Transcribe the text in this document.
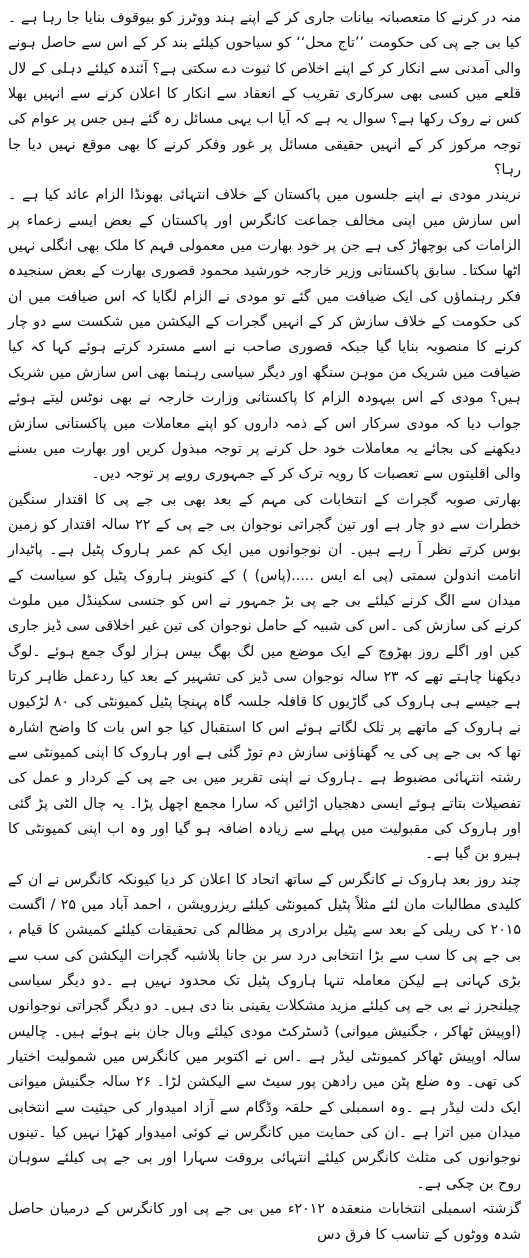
منہ در کرنے کا متعصبانہ بیانات جاری کر کے اپنے ہند ووٹرز کو بیوقوف بنایا جا رہا ہے ۔کیا بی جے پی کی حکومت ’’تاج محل‘‘ کو سیاحوں کیلئے بند کر کے اس سے حاصل ہونے والی آمدنی سے انکار کر کے اپنے اخلاص کا ثبوت دے سکتی ہے؟ آئندہ کیلئے دہلی کے لال قلعے میں کسی بھی سرکاری تقریب کے انعقاد سے انکار کا اعلان کرنے سے انہیں بھلا کس نے روک رکھا ہے؟ سوال یہ ہے کہ آیا اب یہی مسائل رہ گئے ہیں جس پر عوام کی توجہ مرکوز کر کے انہیں حقیقی مسائل پر غور وفکر کرنے کا بھی موقع نہیں دیا جا رہا؟

نریندر مودی نے اپنے جلسوں میں پاکستان کے خلاف انتہائی بھونڈا الزام عائد کیا ہے ۔اس سازش میں اپنی مخالف جماعت کانگرس اور پاکستان کے بعض ایسے زعماء پر الزامات کی بوچھاڑ کی ہے جن پر خود بھارت میں معمولی فہم کا ملک بھی انگلی نہیں اٹھا سکتا۔ سابق پاکستانی وزیر خارجہ خورشید محمود قصوری بھارت کے بعض سنجیدہ فکر رہنماؤں کی ایک ضیافت میں گئے تو مودی نے الزام لگایا کہ اس ضیافت میں ان کی حکومت کے خلاف سازش کر کے انہیں گجرات کے الیکشن میں شکست سے دو چار کرنے کا منصوبہ بنایا گیا جبکہ قصوری صاحب نے اسے مسترد کرتے ہوئے کہا کہ کیا ضیافت میں شریک من موہن سنگھ اور دیگر سیاسی رہنما بھی اس سازش میں شریک ہیں؟ مودی کے اس بیہودہ الزام کا پاکستانی وزارت خارجہ نے بھی نوٹس لیتے ہوئے جواب دیا کہ مودی سرکار اس کے ذمہ داروں کو اپنے معاملات میں پاکستانی سازش دیکھنے کی بجائے یہ معاملات خود حل کرنے پر توجہ مبذول کریں اور بھارت میں بسنے والی اقلیتوں سے تعصبات کا رویہ ترک کر کے جمہوری رویے پر توجہ دیں۔

بھارتی صوبہ گجرات کے انتخابات کی مہم کے بعد بھی بی جے پی کا اقتدار سنگین خطرات سے دو چار ہے اور تین گجراتی نوجوان بی جے پی کے ۲۲ سالہ اقتدار کو زمین بوس کرتے نظر آ رہے ہیں۔ ان نوجوانوں میں ایک کم عمر ہاروک پٹیل ہے۔ پاٹیدار انامت اندولن سمتی (پی اے ایس .....(پاس) ) کے کنوینر ہاروک پٹیل کو سیاست کے میدان سے الگ کرنے کیلئے بی جے پی بڑ جمہور نے اس کو جنسی سکینڈل میں ملوث کرنے کی سازش کی ۔اس کی شبیہ کے حامل نوجوان کی تین غیر اخلاقی سی ڈیز جاری کیں اور اگلے روز بھڑوچ کے ایک موضع میں لگ بھگ بیس ہزار لوگ جمع ہوئے ۔لوگ دیکھنا چاہتے تھے کہ ۲۳ سالہ نوجوان سی ڈیز کی تشہیر کے بعد کیا ردعمل ظاہر کرتا ہے جیسے ہی ہاروک کی گاڑیوں کا قافلہ جلسہ گاہ پہنچا پٹیل کمیونٹی کی ۸۰ لڑکیوں نے ہاروک کے ماتھے پر تلک لگاتے ہوئے اس کا استقبال کیا جو اس بات کا واضح اشارہ تھا کہ بی جے پی کی یہ گھناؤنی سازش دم توڑ گئی ہے اور ہاروک کا اپنی کمیونٹی سے رشتہ انتہائی مضبوط ہے ۔ہاروک نے اپنی تقریر میں بی جے پی کے کردار و عمل کی تفصیلات بتاتے ہوئے ایسی دھجیاں اڑائیں کہ سارا مجمع اچھل پڑا۔ یہ چال الٹی پڑ گئی اور ہاروک کی مقبولیت میں پہلے سے زیادہ اضافہ ہو گیا اور وہ اب اپنی کمیونٹی کا ہیرو بن گیا ہے۔

چند روز بعد ہاروک نے کانگرس کے ساتھ اتحاد کا اعلان کر دیا کیونکہ کانگرس نے ان کے کلیدی مطالبات مان لئے مثلاً پٹیل کمیونٹی کیلئے ریزرویشن ، احمد آباد میں ۲۵ / اگست ۲۰۱۵ کی ریلی کے بعد سے پٹیل برادری پر مظالم کی تحقیقات کیلئے کمیشن کا قیام ، بی جے پی کا سب سے بڑا انتخابی درد سر بن جانا بلاشبہ گجرات الیکشن کی سب سے بڑی کہانی ہے لیکن معاملہ تنہا ہاروک پٹیل تک محدود نہیں ہے ۔دو دیگر سیاسی چیلنجرز نے بی جے پی کیلئے مزید مشکلات یقینی بنا دی ہیں۔ دو دیگر گجراتی نوجوانوں (اوپیش ٹھاکر ، جگنیش میوانی) ڈسٹرکٹ مودی کیلئے وبال جان بنے ہوئے ہیں۔ چالیس سالہ اوپیش ٹھاکر کمیونٹی لیڈر ہے ۔اس نے اکتوبر میں کانگرس میں شمولیت اختیار کی تھی۔ وہ ضلع پٹن میں رادھن پور سیٹ سے الیکشن لڑا۔ ۲۶ سالہ جگنیش میوانی ایک دلت لیڈر ہے ۔وہ اسمبلی کے حلقہ وڈگام سے آزاد امیدوار کی حیثیت سے انتخابی میدان میں اترا ہے ۔ان کی حمایت میں کانگرس نے کوئی امیدوار کھڑا نہیں کیا ۔تینوں نوجوانوں کی مثلث کانگرس کیلئے انتہائی بروقت سہارا اور بی جے پی کیلئے سوہان روح بن چکی ہے۔

گزشتہ اسمبلی انتخابات منعقدہ ۲۰۱۲ء میں بی جے پی اور کانگرس کے درمیان حاصل شدہ ووٹوں کے تناسب کا فرق دس
